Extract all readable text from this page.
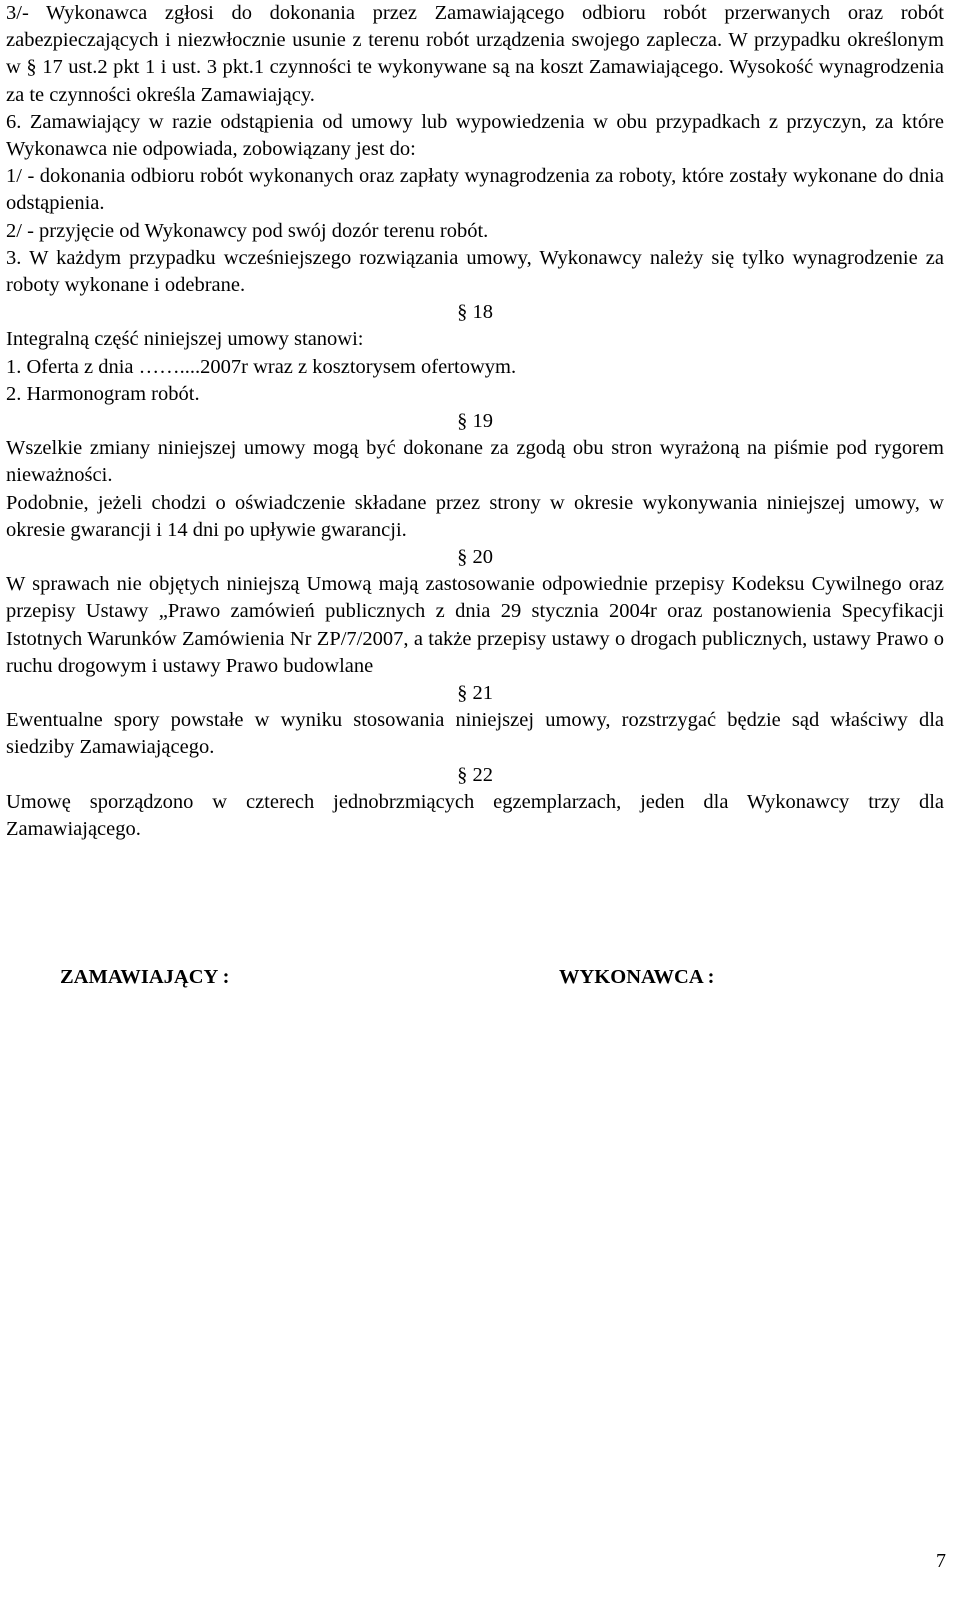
3/- Wykonawca zgłosi do dokonania przez Zamawiającego odbioru robót przerwanych oraz robót zabezpieczających i niezwłocznie usunie z terenu robót urządzenia swojego zaplecza. W przypadku określonym w § 17 ust.2 pkt 1 i ust. 3 pkt.1 czynności te wykonywane są na koszt Zamawiającego. Wysokość wynagrodzenia za te czynności określa Zamawiający.

6. Zamawiający w razie odstąpienia od umowy lub wypowiedzenia w obu przypadkach z przyczyn, za które Wykonawca nie odpowiada, zobowiązany jest do:

1/ - dokonania odbioru robót wykonanych oraz zapłaty wynagrodzenia za roboty, które zostały wykonane do dnia odstąpienia.

2/ - przyjęcie od Wykonawcy pod swój dozór terenu robót.

3. W każdym przypadku wcześniejszego rozwiązania umowy, Wykonawcy należy się tylko wynagrodzenie za roboty wykonane i odebrane.

§ 18

Integralną część niniejszej umowy stanowi:

1. Oferta z dnia ……....2007r wraz z kosztorysem ofertowym.

2. Harmonogram robót.

§ 19

Wszelkie zmiany niniejszej umowy mogą być dokonane za zgodą obu stron wyrażoną na piśmie pod rygorem nieważności.

Podobnie, jeżeli chodzi o oświadczenie składane przez strony w okresie wykonywania niniejszej umowy, w okresie gwarancji i 14 dni po upływie gwarancji.

§ 20

W sprawach nie objętych niniejszą Umową mają zastosowanie odpowiednie przepisy Kodeksu Cywilnego oraz przepisy Ustawy „Prawo zamówień publicznych z dnia 29 stycznia 2004r oraz postanowienia Specyfikacji Istotnych Warunków Zamówienia Nr ZP/7/2007, a także przepisy ustawy o drogach publicznych, ustawy Prawo o ruchu drogowym i ustawy Prawo budowlane

§ 21

Ewentualne spory powstałe w wyniku stosowania niniejszej umowy, rozstrzygać będzie sąd właściwy dla siedziby Zamawiającego.

§ 22

Umowę sporządzono w czterech jednobrzmiących egzemplarzach, jeden dla Wykonawcy trzy dla Zamawiającego.

ZAMAWIAJĄCY :	WYKONAWCA :
7
